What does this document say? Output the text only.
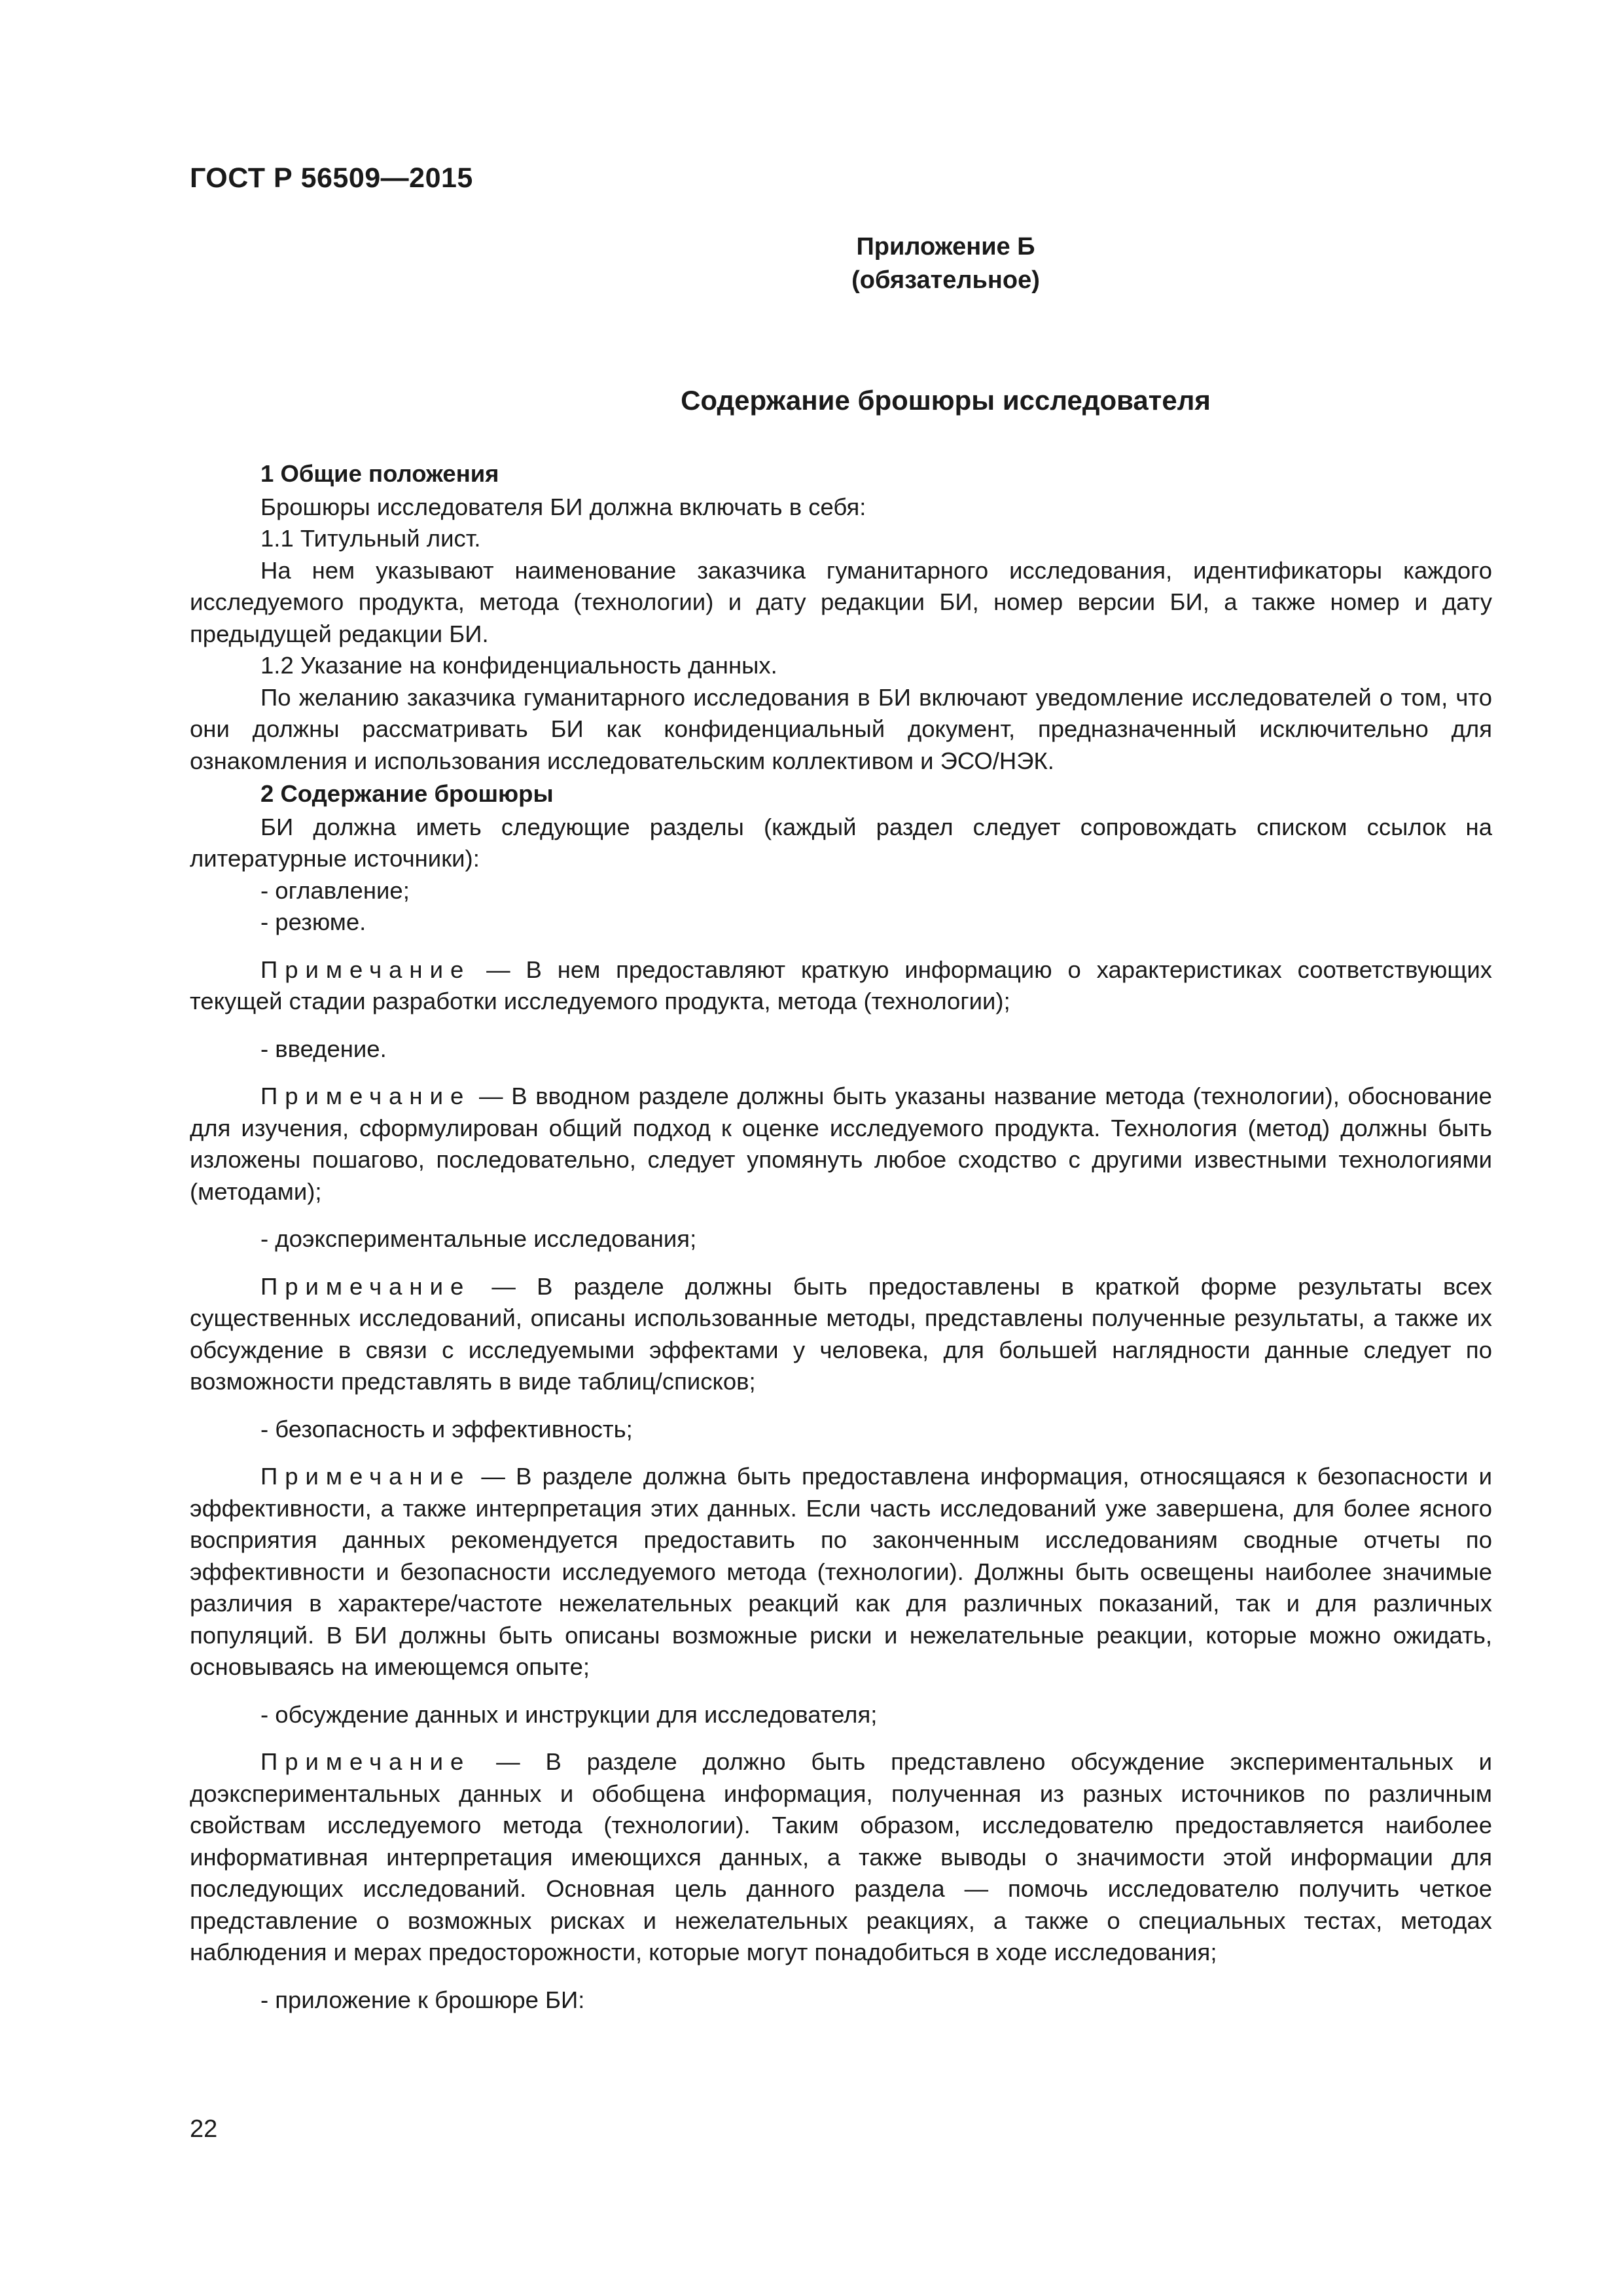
ГОСТ Р 56509—2015
Приложение Б
(обязательное)
Содержание брошюры исследователя

1 Общие положения

Брошюры исследователя БИ должна включать в себя:

1.1 Титульный лист.

На нем указывают наименование заказчика гуманитарного исследования, идентификаторы каждого исследуемого продукта, метода (технологии) и дату редакции БИ, номер версии БИ, а также номер и дату предыдущей редакции БИ.

1.2 Указание на конфиденциальность данных.

По желанию заказчика гуманитарного исследования в БИ включают уведомление исследователей о том, что они должны рассматривать БИ как конфиденциальный документ, предназначенный исключительно для ознакомления и использования исследовательским коллективом и ЭСО/НЭК.

2 Содержание брошюры

БИ должна иметь следующие разделы (каждый раздел следует сопровождать списком ссылок на литературные источники):

- оглавление;

- резюме.

Примечание — В нем предоставляют краткую информацию о характеристиках соответствующих текущей стадии разработки исследуемого продукта, метода (технологии);

- введение.

Примечание — В вводном разделе должны быть указаны название метода (технологии), обоснование для изучения, сформулирован общий подход к оценке исследуемого продукта. Технология (метод) должны быть изложены пошагово, последовательно, следует упомянуть любое сходство с другими известными технологиями (методами);

- доэкспериментальные исследования;

Примечание — В разделе должны быть предоставлены в краткой форме результаты всех существенных исследований, описаны использованные методы, представлены полученные результаты, а также их обсуждение в связи с исследуемыми эффектами у человека, для большей наглядности данные следует по возможности представлять в виде таблиц/списков;

- безопасность и эффективность;

Примечание — В разделе должна быть предоставлена информация, относящаяся к безопасности и эффективности, а также интерпретация этих данных. Если часть исследований уже завершена, для более ясного восприятия данных рекомендуется предоставить по законченным исследованиям сводные отчеты по эффективности и безопасности исследуемого метода (технологии). Должны быть освещены наиболее значимые различия в характере/частоте нежелательных реакций как для различных показаний, так и для различных популяций. В БИ должны быть описаны возможные риски и нежелательные реакции, которые можно ожидать, основываясь на имеющемся опыте;

- обсуждение данных и инструкции для исследователя;

Примечание — В разделе должно быть представлено обсуждение экспериментальных и доэкспериментальных данных и обобщена информация, полученная из разных источников по различным свойствам исследуемого метода (технологии). Таким образом, исследователю предоставляется наиболее информативная интерпретация имеющихся данных, а также выводы о значимости этой информации для последующих исследований. Основная цель данного раздела — помочь исследователю получить четкое представление о возможных рисках и нежелательных реакциях, а также о специальных тестах, методах наблюдения и мерах предосторожности, которые могут понадобиться в ходе исследования;

- приложение к брошюре БИ:

22
